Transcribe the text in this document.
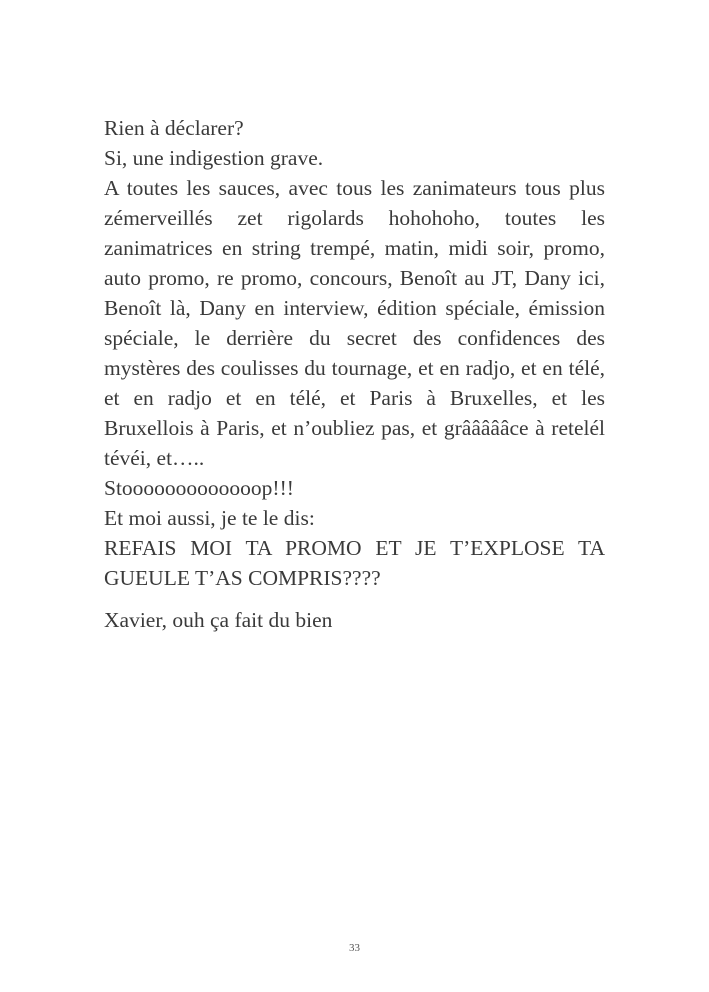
Rien à déclarer?
Si, une indigestion grave.
A toutes les sauces, avec tous les zanimateurs tous plus zémerveillés zet rigolards hohohoho, toutes les zanimatrices en string trempé, matin, midi soir, promo, auto promo, re promo, concours, Benoît au JT, Dany ici, Benoît là, Dany en interview, édition spéciale, émission spéciale, le derrière du secret des confidences des mystères des coulisses du tournage, et en radjo, et en télé, et en radjo et en télé, et Paris à Bruxelles, et les Bruxellois à Paris, et n’oubliez pas, et grâââââce à retelél tévéi, et…..
Stooooooooooooop!!!
Et moi aussi, je te le dis:
REFAIS MOI TA PROMO ET JE T’EXPLOSE TA GUEULE T’AS COMPRIS????
Xavier, ouh ça fait du bien
33
